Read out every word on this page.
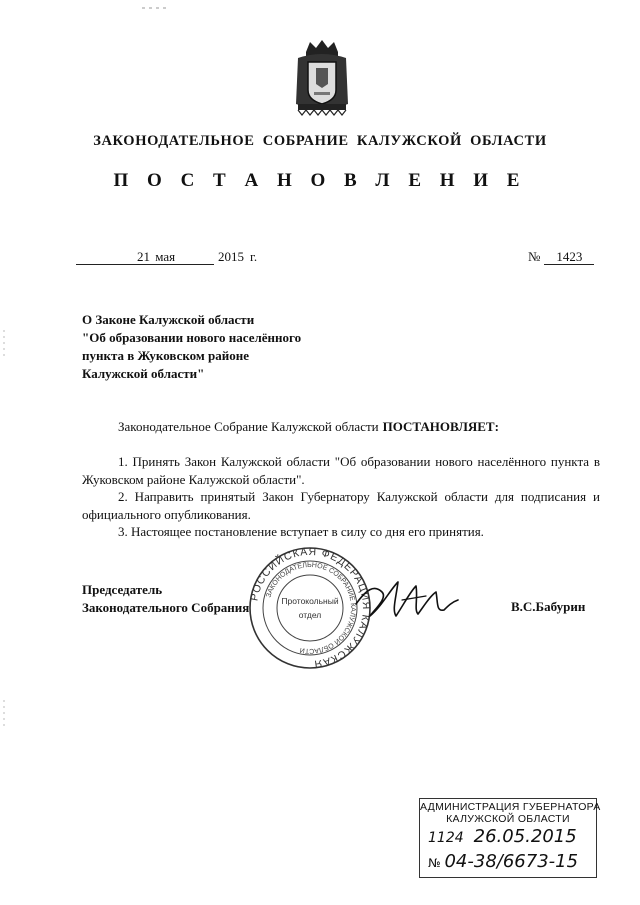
ЗАКОНОДАТЕЛЬНОЕ СОБРАНИЕ КАЛУЖСКОЙ ОБЛАСТИ
П О С Т А Н О В Л Е Н И Е
21 мая	2015 г.	№ 1423
О Законе Калужской области
"Об образовании нового населённого
пункта в Жуковском районе
Калужской области"
Законодательное Собрание Калужской области ПОСТАНОВЛЯЕТ:

1. Принять Закон Калужской области "Об образовании нового населённого пункта в Жуковском районе Калужской области".

2. Направить принятый Закон Губернатору Калужской области для подписания и официального опубликования.

3. Настоящее постановление вступает в силу со дня его принятия.

Председатель
Законодательного Собрания	В.С.Бабурин
РОССИЙСКАЯ ФЕДЕРАЦИЯ КАЛУЖСКАЯ
ЗАКОНОДАТЕЛЬНОЕ СОБРАНИЕ КАЛУЖСКОЙ ОБЛАСТИ
Протокольный
отдел
АДМИНИСТРАЦИЯ ГУБЕРНАТОРА
КАЛУЖСКОЙ ОБЛАСТИ
1124 26.05.2015
№ 04-38/6673-15
